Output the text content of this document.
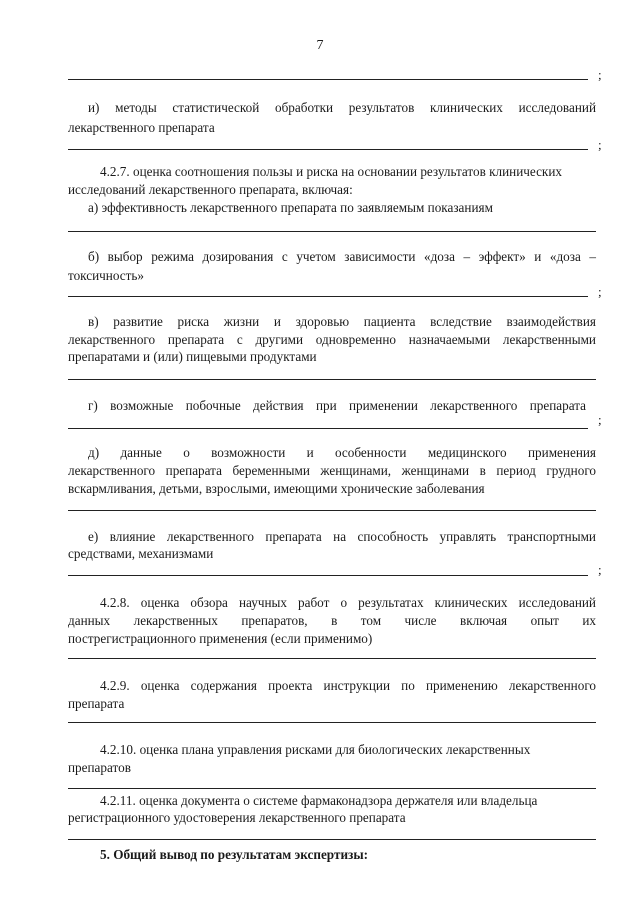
7
;
и) методы статистической обработки результатов клинических исследований
лекарственного препарата
;
4.2.7. оценка соотношения пользы и риска на основании результатов клинических
исследований лекарственного препарата, включая:
а) эффективность лекарственного препарата по заявляемым показаниям
б) выбор режима дозирования с учетом зависимости «доза – эффект» и «доза –
токсичность»
;
в) развитие риска жизни и здоровью пациента вследствие взаимодействия
лекарственного препарата с другими одновременно назначаемыми лекарственными
препаратами и (или) пищевыми продуктами
г) возможные побочные действия при применении лекарственного препарата
;
д) данные о возможности и особенности медицинского применения
лекарственного препарата беременными женщинами, женщинами в период грудного
вскармливания, детьми, взрослыми, имеющими хронические заболевания
е) влияние лекарственного препарата на способность управлять транспортными
средствами, механизмами
;
4.2.8. оценка обзора научных работ о результатах клинических исследований
данных лекарственных препаратов, в том числе включая опыт их
пострегистрационного применения (если применимо)
4.2.9. оценка содержания проекта инструкции по применению лекарственного
препарата
4.2.10. оценка плана управления рисками для биологических лекарственных
препаратов
4.2.11. оценка документа о системе фармаконадзора держателя или владельца
регистрационного удостоверения лекарственного препарата
5. Общий вывод по результатам экспертизы:
